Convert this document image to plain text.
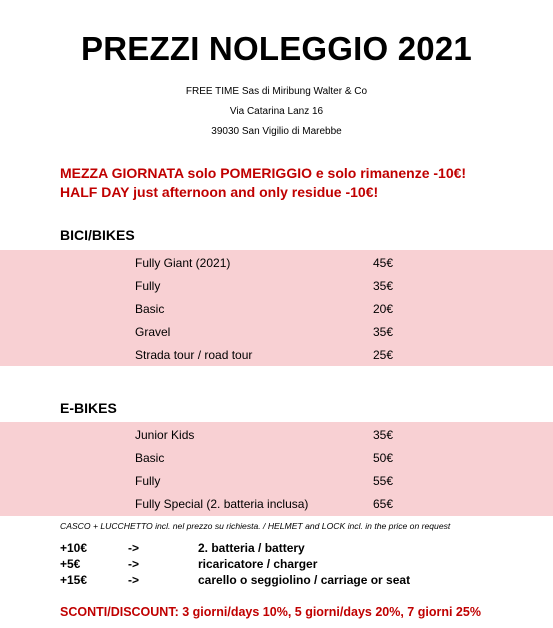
PREZZI NOLEGGIO 2021
FREE TIME Sas di Miribung Walter & Co
Via Catarina Lanz 16
39030 San Vigilio di Marebbe
MEZZA GIORNATA solo POMERIGGIO e solo rimanenze -10€!
HALF DAY just afternoon and only residue -10€!
BICI/BIKES
Fully Giant (2021)	45€
Fully	35€
Basic	20€
Gravel	35€
Strada tour / road tour	25€
E-BIKES
Junior Kids	35€
Basic	50€
Fully	55€
Fully Special (2. batteria inclusa)	65€
CASCO + LUCCHETTO incl. nel prezzo su richiesta. / HELMET and LOCK incl. in the price on request
+10€	->	2. batteria / battery
+5€	->	ricaricatore / charger
+15€	->	carello o seggiolino / carriage or seat
SCONTI/DISCOUNT: 3 giorni/days 10%, 5 giorni/days 20%, 7 giorni 25%
